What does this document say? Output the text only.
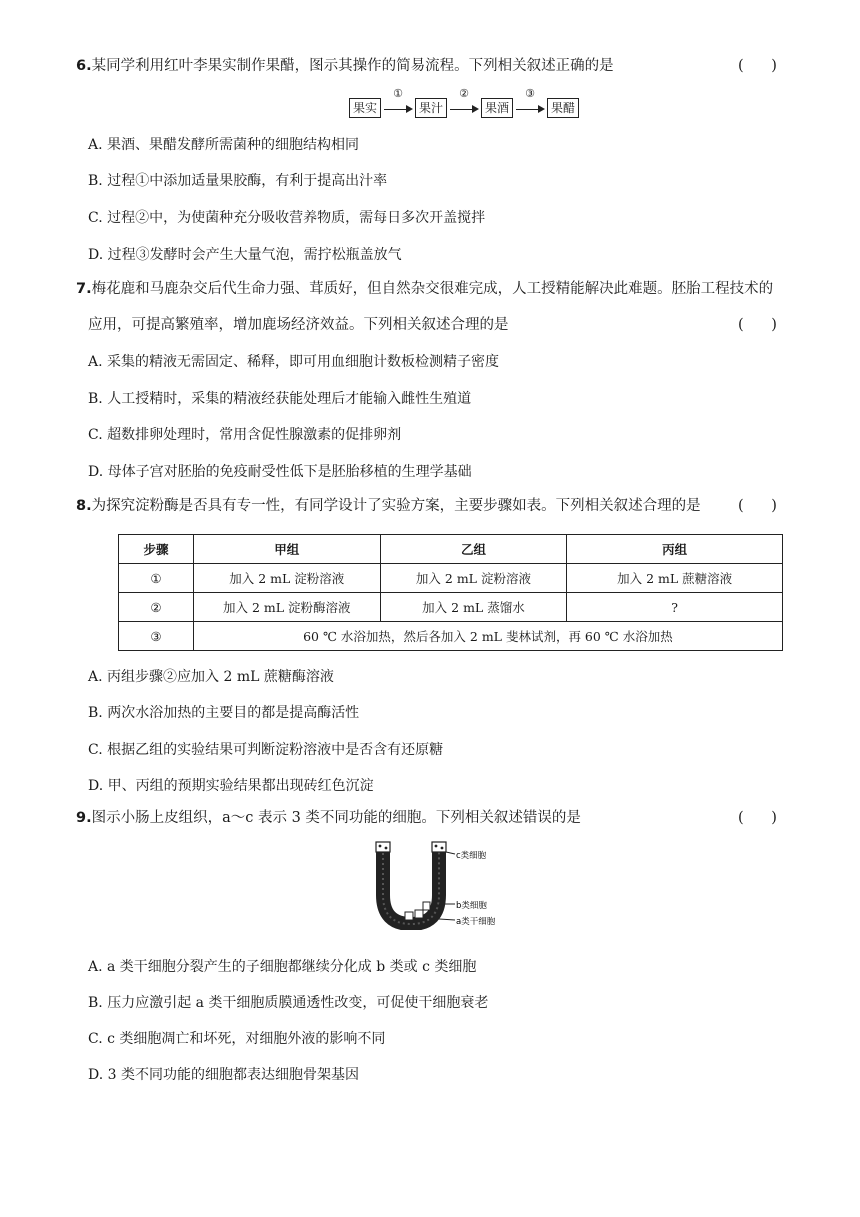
6.某同学利用红叶李果实制作果醋，图示其操作的简易流程。下列相关叙述正确的是	(      )
果实
①
果汁
②
果酒
③
果醋
A. 果酒、果醋发酵所需菌种的细胞结构相同
B. 过程①中添加适量果胶酶，有利于提高出汁率
C. 过程②中，为使菌种充分吸收营养物质，需每日多次开盖搅拌
D. 过程③发酵时会产生大量气泡，需拧松瓶盖放气
7.梅花鹿和马鹿杂交后代生命力强、茸质好，但自然杂交很难完成，人工授精能解决此难题。胚胎工程技术的
应用，可提高繁殖率，增加鹿场经济效益。下列相关叙述合理的是	(      )
A. 采集的精液无需固定、稀释，即可用血细胞计数板检测精子密度
B. 人工授精时，采集的精液经获能处理后才能输入雌性生殖道
C. 超数排卵处理时，常用含促性腺激素的促排卵剂
D. 母体子宫对胚胎的免疫耐受性低下是胚胎移植的生理学基础
8.为探究淀粉酶是否具有专一性，有同学设计了实验方案，主要步骤如表。下列相关叙述合理的是	(      )
步骤	甲组	乙组	丙组
①	加入 2 mL 淀粉溶液	加入 2 mL 淀粉溶液	加入 2 mL 蔗糖溶液
②	加入 2 mL 淀粉酶溶液	加入 2 mL 蒸馏水	?
③	60 ℃ 水浴加热，然后各加入 2 mL 斐林试剂，再 60 ℃ 水浴加热		
A. 丙组步骤②应加入 2 mL 蔗糖酶溶液
B. 两次水浴加热的主要目的都是提高酶活性
C. 根据乙组的实验结果可判断淀粉溶液中是否含有还原糖
D. 甲、丙组的预期实验结果都出现砖红色沉淀
9.图示小肠上皮组织，a～c 表示 3 类不同功能的细胞。下列相关叙述错误的是	(      )
c类细胞
b类细胞
a类干细胞
A. a 类干细胞分裂产生的子细胞都继续分化成 b 类或 c 类细胞
B. 压力应激引起 a 类干细胞质膜通透性改变，可促使干细胞衰老
C. c 类细胞凋亡和坏死，对细胞外液的影响不同
D. 3 类不同功能的细胞都表达细胞骨架基因
